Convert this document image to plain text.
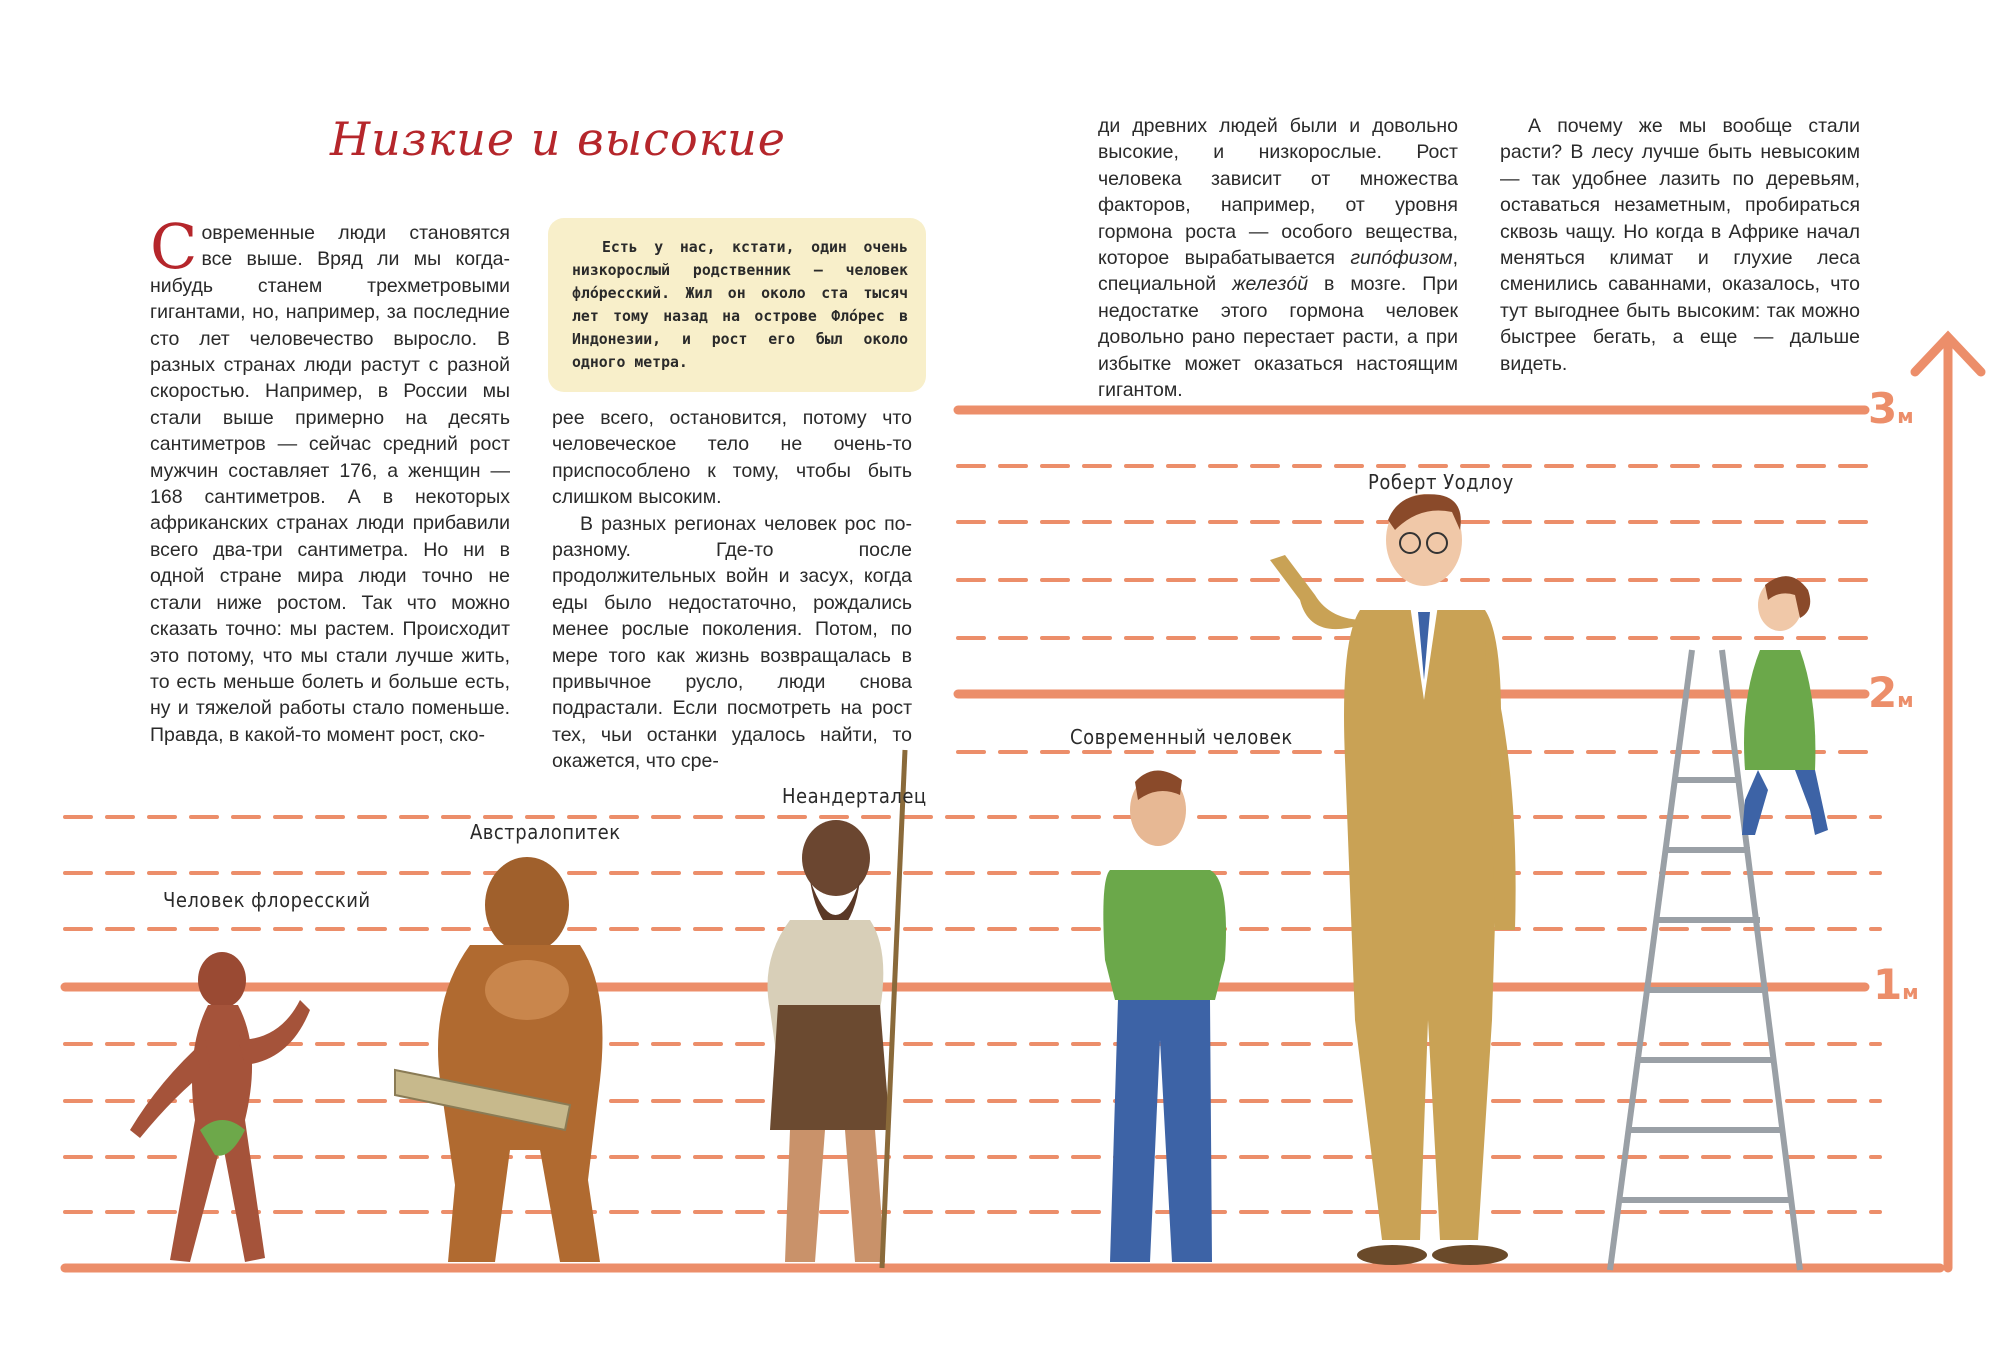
Низкие и высокие

Современные люди становятся все выше. Вряд ли мы когда-нибудь станем трехметровыми гигантами, но, например, за последние сто лет человечество выросло. В разных странах люди растут с разной скоростью. Например, в России мы стали выше примерно на десять сантиметров — сейчас средний рост мужчин составляет 176, а женщин — 168 сантиметров. А в некоторых африканских странах люди прибавили всего два-три сантиметра. Но ни в одной стране мира люди точно не стали ниже ростом. Так что можно сказать точно: мы растем. Происходит это потому, что мы стали лучше жить, то есть меньше болеть и больше есть, ну и тяжелой работы стало поменьше. Правда, в какой-то момент рост, ско-

Есть у нас, кстати, один очень низкорослый родственник — человек флóресский. Жил он около ста тысяч лет тому назад на острове Флóрес в Индонезии, и рост его был около одного метра.

рее всего, остановится, потому что человеческое тело не очень-то приспособлено к тому, чтобы быть слишком высоким.

В разных регионах человек рос по-разному. Где-то после продолжительных войн и засух, когда еды было недостаточно, рождались менее рослые поколения. Потом, по мере того как жизнь возвращалась в привычное русло, люди снова подрастали. Если посмотреть на рост тех, чьи останки удалось найти, то окажется, что сре-

ди древних людей были и довольно высокие, и низкорослые. Рост человека зависит от множества факторов, например, от уровня гормона роста — особого вещества, которое вырабатывается гипóфизом, специальной железóй в мозге. При недостатке этого гормона человек довольно рано перестает расти, а при избытке может оказаться настоящим гигантом.

А почему же мы вообще стали расти? В лесу лучше быть невысоким — так удобнее лазить по деревьям, оставаться незаметным, пробираться сквозь чащу. Но когда в Африке начал меняться климат и глухие леса сменились саваннами, оказалось, что тут выгоднее быть высоким: так можно быстрее бегать, а еще — дальше видеть.

Человек флоресский
Австралопитек
Неандерталец
Современный человек
Роберт Уодлоу
1м
2м
3м
